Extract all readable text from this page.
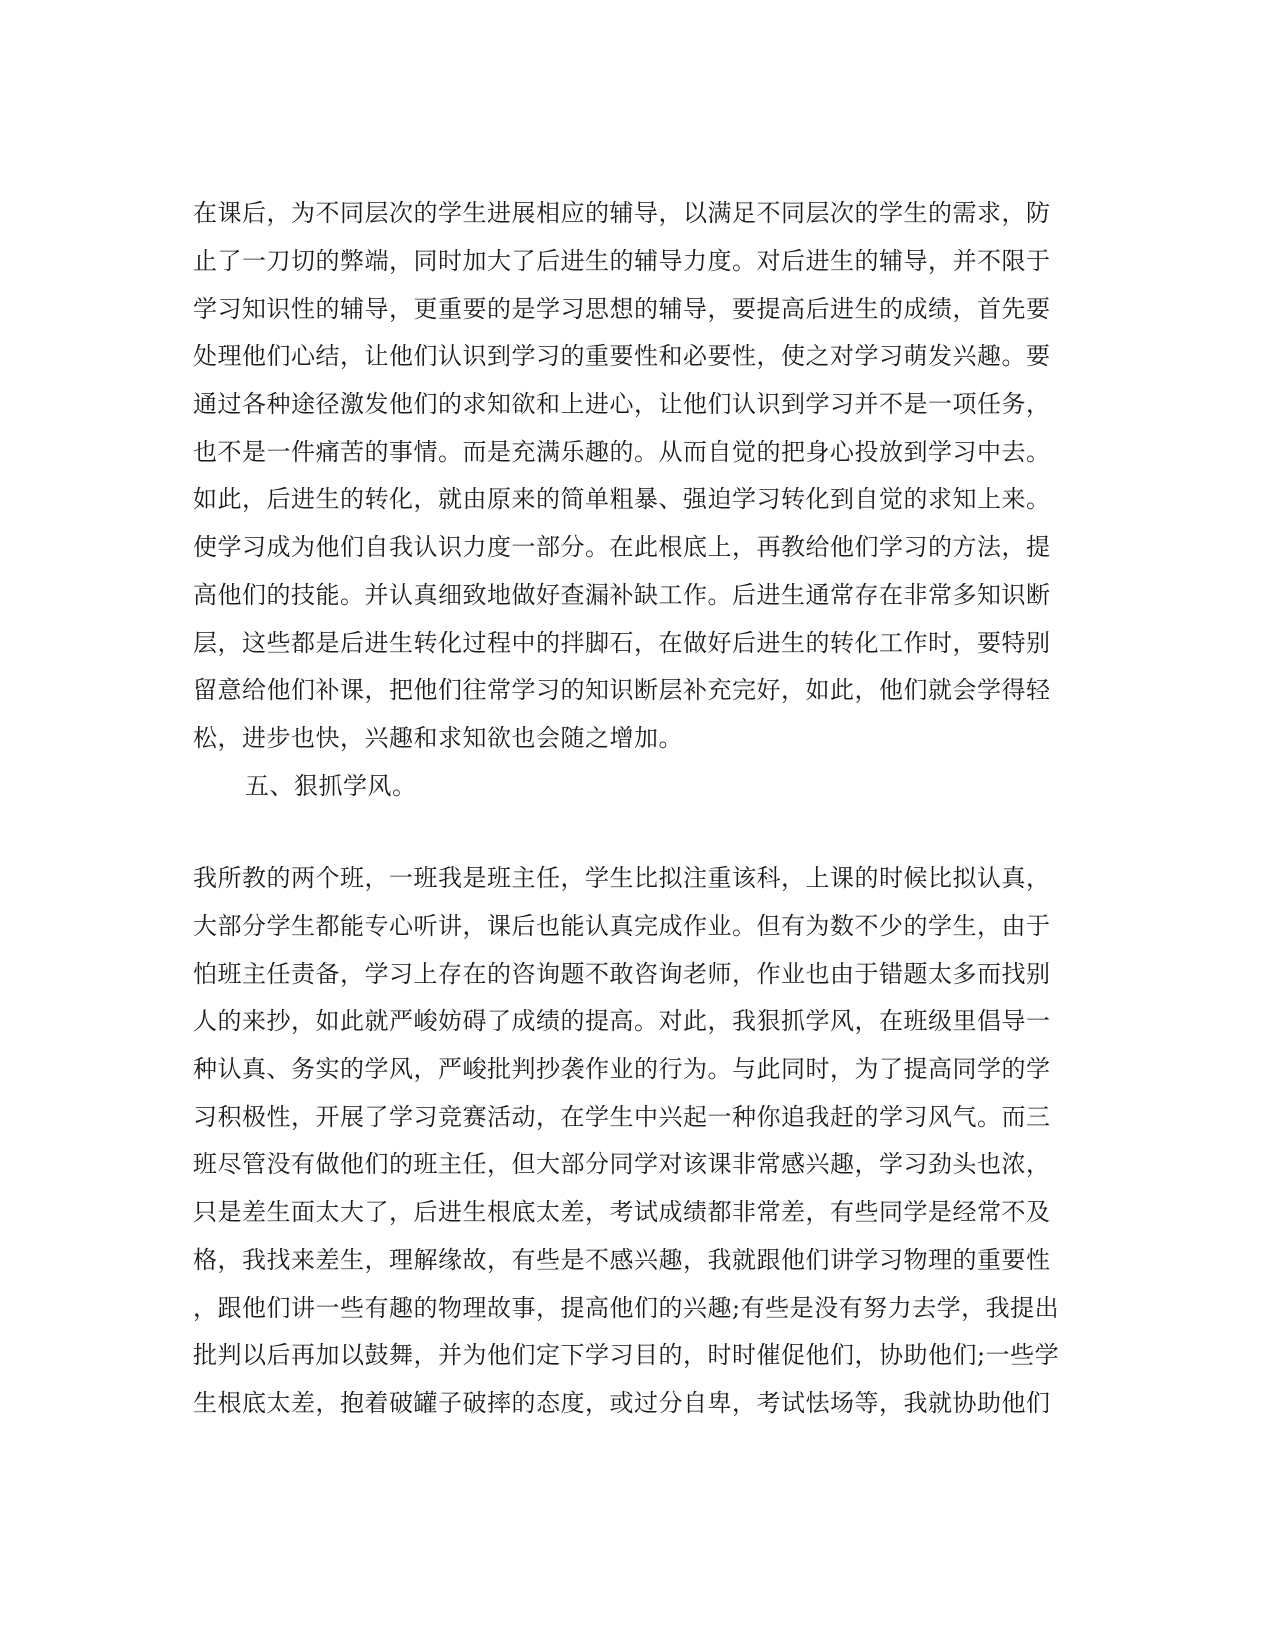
在课后，为不同层次的学生进展相应的辅导，以满足不同层次的学生的需求，防
止了一刀切的弊端，同时加大了后进生的辅导力度。对后进生的辅导，并不限于
学习知识性的辅导，更重要的是学习思想的辅导，要提高后进生的成绩，首先要
处理他们心结，让他们认识到学习的重要性和必要性，使之对学习萌发兴趣。要
通过各种途径激发他们的求知欲和上进心，让他们认识到学习并不是一项任务，
也不是一件痛苦的事情。而是充满乐趣的。从而自觉的把身心投放到学习中去。
如此，后进生的转化，就由原来的简单粗暴、强迫学习转化到自觉的求知上来。
使学习成为他们自我认识力度一部分。在此根底上，再教给他们学习的方法，提
高他们的技能。并认真细致地做好查漏补缺工作。后进生通常存在非常多知识断
层，这些都是后进生转化过程中的拌脚石，在做好后进生的转化工作时，要特别
留意给他们补课，把他们往常学习的知识断层补充完好，如此，他们就会学得轻
松，进步也快，兴趣和求知欲也会随之增加。
五、狠抓学风。
我所教的两个班，一班我是班主任，学生比拟注重该科，上课的时候比拟认真，
大部分学生都能专心听讲，课后也能认真完成作业。但有为数不少的学生，由于
怕班主任责备，学习上存在的咨询题不敢咨询老师，作业也由于错题太多而找别
人的来抄，如此就严峻妨碍了成绩的提高。对此，我狠抓学风，在班级里倡导一
种认真、务实的学风，严峻批判抄袭作业的行为。与此同时，为了提高同学的学
习积极性，开展了学习竞赛活动，在学生中兴起一种你追我赶的学习风气。而三
班尽管没有做他们的班主任，但大部分同学对该课非常感兴趣，学习劲头也浓，
只是差生面太大了，后进生根底太差，考试成绩都非常差，有些同学是经常不及
格，我找来差生，理解缘故，有些是不感兴趣，我就跟他们讲学习物理的重要性
，跟他们讲一些有趣的物理故事，提高他们的兴趣;有些是没有努力去学，我提出
批判以后再加以鼓舞，并为他们定下学习目的，时时催促他们，协助他们;一些学
生根底太差，抱着破罐子破摔的态度，或过分自卑，考试怯场等，我就协助他们
